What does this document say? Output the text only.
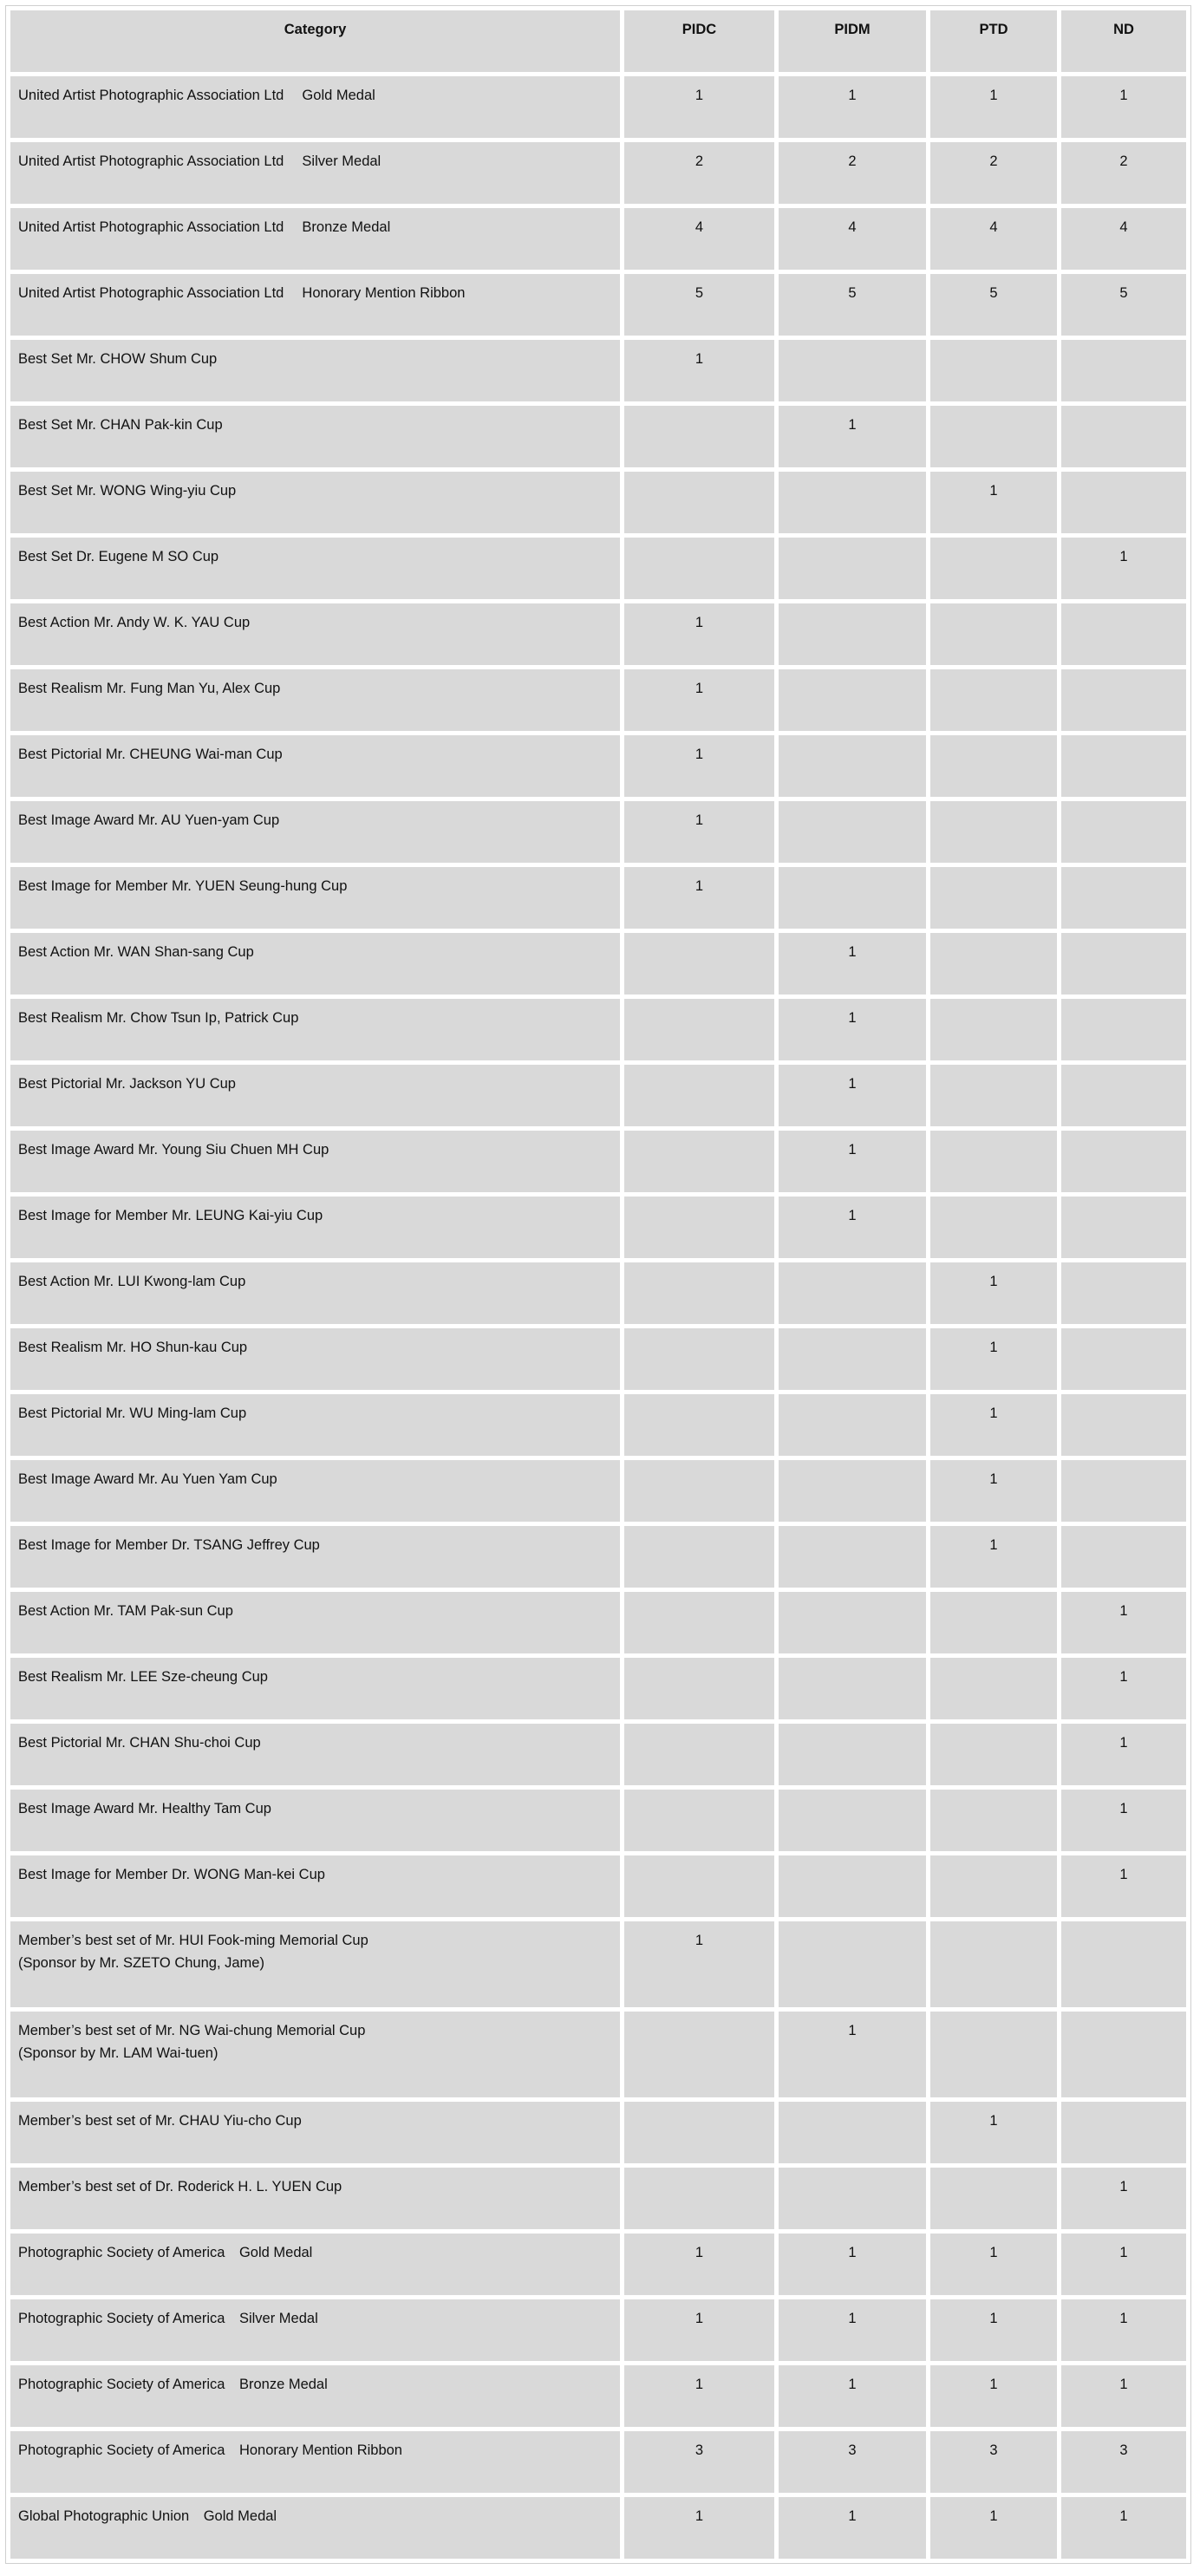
Category	PIDC	PIDM	PTD	ND
United Artist Photographic Association Ltd　 Gold Medal	1	1	1	1
United Artist Photographic Association Ltd　 Silver Medal	2	2	2	2
United Artist Photographic Association Ltd　 Bronze Medal	4	4	4	4
United Artist Photographic Association Ltd　 Honorary Mention Ribbon	5	5	5	5
Best Set Mr. CHOW Shum Cup	1			
Best Set Mr. CHAN Pak-kin Cup		1		
Best Set Mr. WONG Wing-yiu Cup			1	
Best Set Dr. Eugene M SO Cup				1
Best Action Mr. Andy W. K. YAU Cup	1			
Best Realism Mr. Fung Man Yu, Alex Cup	1			
Best Pictorial Mr. CHEUNG Wai-man Cup	1			
Best Image Award Mr. AU Yuen-yam Cup	1			
Best Image for Member Mr. YUEN Seung-hung Cup	1			
Best Action Mr. WAN Shan-sang Cup		1		
Best Realism Mr. Chow Tsun Ip, Patrick Cup		1		
Best Pictorial Mr. Jackson YU Cup		1		
Best Image Award Mr. Young Siu Chuen MH Cup		1		
Best Image for Member Mr. LEUNG Kai-yiu Cup		1		
Best Action Mr. LUI Kwong-lam Cup			1	
Best Realism Mr. HO Shun-kau Cup			1	
Best Pictorial Mr. WU Ming-lam Cup			1	
Best Image Award Mr. Au Yuen Yam Cup			1	
Best Image for Member Dr. TSANG Jeffrey Cup			1	
Best Action Mr. TAM Pak-sun Cup				1
Best Realism Mr. LEE Sze-cheung Cup				1
Best Pictorial Mr. CHAN Shu-choi Cup				1
Best Image Award Mr. Healthy Tam Cup				1
Best Image for Member Dr. WONG Man-kei Cup				1
Member’s best set of Mr. HUI Fook-ming Memorial Cup
(Sponsor by Mr. SZETO Chung, Jame)	1			
Member’s best set of Mr. NG Wai-chung Memorial Cup
(Sponsor by Mr. LAM Wai-tuen)		1		
Member’s best set of Mr. CHAU Yiu-cho Cup			1	
Member’s best set of Dr. Roderick H. L. YUEN Cup				1
Photographic Society of America　Gold Medal	1	1	1	1
Photographic Society of America　Silver Medal	1	1	1	1
Photographic Society of America　Bronze Medal	1	1	1	1
Photographic Society of America　Honorary Mention Ribbon	3	3	3	3
Global Photographic Union　Gold Medal	1	1	1	1
